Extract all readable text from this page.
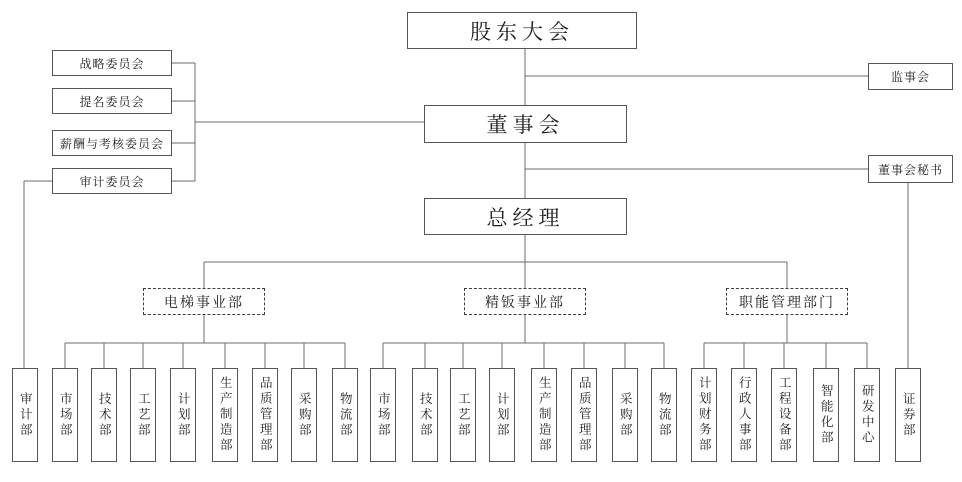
股东大会
董事会
总经理
监事会
董事会秘书
战略委员会
提名委员会
薪酬与考核委员会
审计委员会
电梯事业部	精钣事业部	职能管理部门
审计部 市场部 技术部 工艺部 计划部 生产制造部 品质管理部 采购部 物流部 市场部 技术部 工艺部 计划部 生产制造部 品质管理部 采购部 物流部 计划财务部 行政人事部 工程设备部 智能化部 研发中心 证券部
